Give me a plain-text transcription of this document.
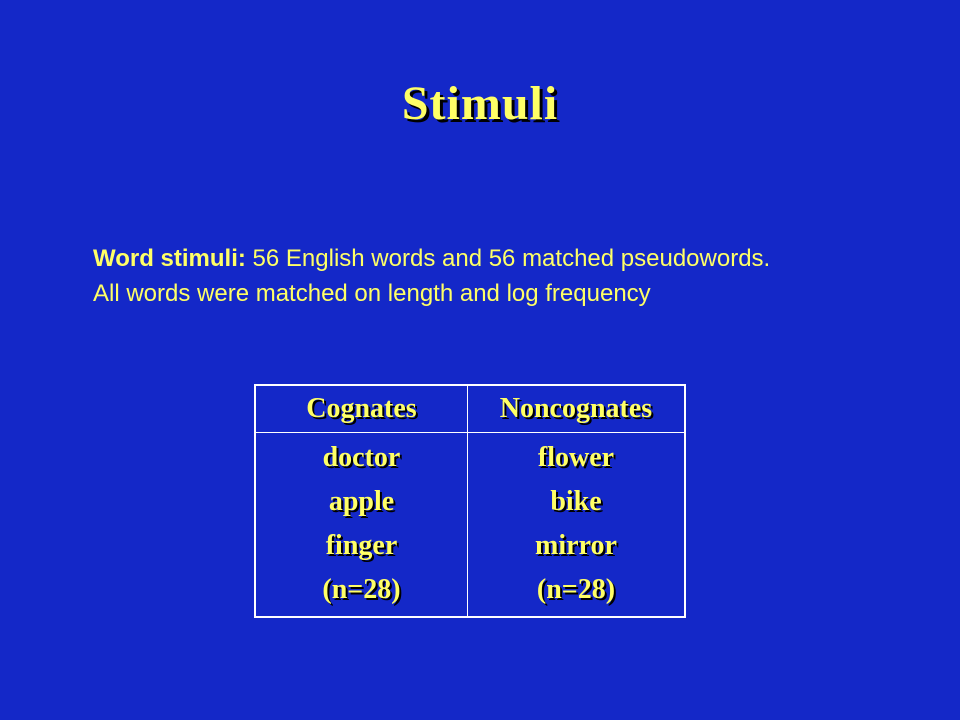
Stimuli
Word stimuli: 56 English words and 56 matched pseudowords.
All words were matched on length and log frequency
Cognates
doctor
apple
finger
(n=28)
Noncognates
flower
bike
mirror
(n=28)
